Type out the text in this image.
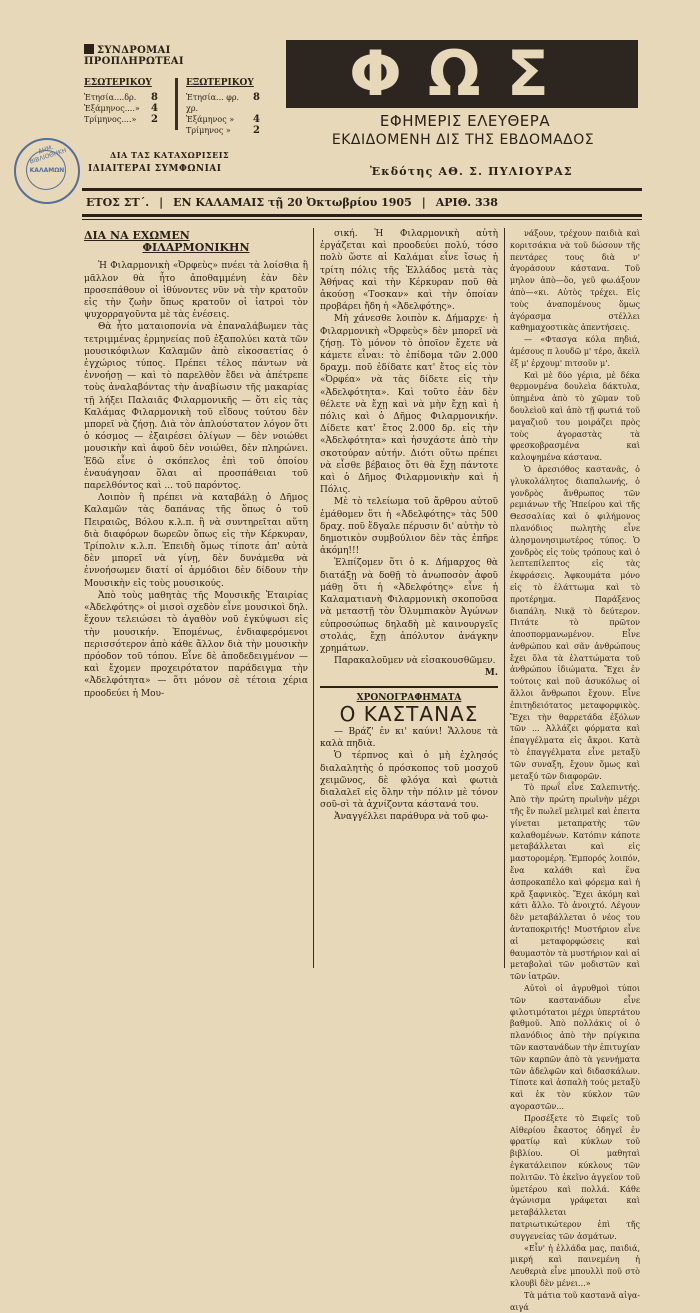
ΣΥΝΔΡΟΜΑΙ ΠΡΟΠΛΗΡΩΤΕΑΙ
ΕΣΩΤΕΡΙΚΟΥ
Ἐτησία....δρ. 8
Ἑξάμηνος....» 4
Τρίμηνος....» 2
ΕΞΩΤΕΡΙΚΟΥ
Ἐτησία... φρ. χρ.
8
Ἑξάμηνος » 4
Τρίμηνος » 2
ΔΙΑ ΤΑΣ ΚΑΤΑΧΩΡΙΣΕΙΣ
ΙΔΙΑΙΤΕΡΑΙ ΣΥΜΦΩΝΙΑΙ
ΔΗΜ. ΒΙΒΛΙΟΘΗΚΗ
ΚΑΛΑΜΩΝ
ΦΩΣ
ΕΦΗΜΕΡΙΣ ΕΛΕΥΘΕΡΑ
ΕΚΔΙΔΟΜΕΝΗ ΔΙΣ ΤΗΣ ΕΒΔΟΜΑΔΟΣ
Ἐκδότης ΑΘ. Σ. ΠΥΛΙΟΥΡΑΣ
ΕΤΟΣ ΣΤ΄. | ΕΝ ΚΑΛΑΜΑΙΣ τῇ 20 Ὀκτωβρίου 1905 | ΑΡΙΘ. 338
ΔΙΑ ΝΑ ΕΧΩΜΕΝ
ΦΙΛΑΡΜΟΝΙΚΗΝ

Ἡ Φιλαρμονικὴ «Ὀρφεὺς» πνέει τὰ λοίσθια ἢ μᾶλλον θὰ ἦτο ἀποθαμμένη ἐὰν δὲν προσεπάθουν οἱ ἰθύνοντες νῦν νὰ τὴν κρατοῦν εἰς τὴν ζωὴν ὅπως κρατοῦν οἱ ἰατροὶ τὸν ψυχορραγοῦντα μὲ τὰς ἐνέσεις.

Θὰ ἦτο ματαιοπονία νὰ ἐπαναλάβωμεν τὰς τετριμμένας ἐρμηνείας ποῦ ἐξαπολύει κατὰ τῶν μουσικόφιλων Καλαμῶν ἀπὸ εἰκοσαετίας ὁ ἐγχώριος τύπος. Πρέπει τέλος πάντων νὰ ἐννοήσῃ — καὶ τὸ παρελθὸν ἔδει νὰ ἀπέτρεπε τοὺς ἀναλαβόντας τὴν ἀναβίωσιν τῆς μακαρίας τῇ λήξει Παλαιᾶς Φιλαρμονικῆς — ὅτι εἰς τὰς Καλάμας Φιλαρμονικὴ τοῦ εἴδους τούτου δὲν μπορεῖ νὰ ζήσῃ. Διὰ τὸν ἁπλούστατον λόγον ὅτι ὁ κόσμος — ἐξαιρέσει ὀλίγων — δὲν νοιώθει μουσικὴν καὶ ἀφοῦ δὲν νοιώθει, δὲν πληρώνει. Ἐδῶ εἶνε ὁ σκόπελος ἐπὶ τοῦ ὁποίου ἐναυάγησαν ὅλαι αἱ προσπάθειαι τοῦ παρελθόντος καὶ ... τοῦ παρόντος.

Λοιπὸν ἢ πρέπει νὰ καταβάλῃ ὁ Δῆμος Καλαμῶν τὰς δαπάνας τῆς ὅπως ὁ τοῦ Πειραιῶς, Βόλου κ.λ.π. ἢ νὰ συντηρεῖται αὕτη διὰ διαφόρων δωρεῶν ὅπως εἰς τὴν Κέρκυραν, Τρίπολιν κ.λ.π. Ἐπειδὴ ὅμως τίποτε ἀπ' αὐτὰ δὲν μπορεῖ νὰ γίνῃ, δὲν δυνάμεθα νὰ ἐννοήσωμεν διατί οἱ ἁρμόδιοι δὲν δίδουν τὴν Μουσικὴν εἰς τοὺς μουσικούς.

Ἀπὸ τοὺς μαθητὰς τῆς Μουσικῆς Ἑταιρίας «Ἀδελφότης» οἱ μισοὶ σχεδὸν εἶνε μουσικοὶ δηλ. ἔχουν τελειώσει τὸ ἀγαθὸν νοῦ ἐγκύψωσι εἰς τὴν μουσικήν. Ἑπομένως, ἐνδιαφερόμενοι περισσότερον ἀπὸ κάθε ἄλλον διὰ τὴν μουσικὴν πρόοδον τοῦ τόπου. Εἶνε δὲ ἀποδεδειγμένον — καὶ ἔχομεν προχειρότατον παράδειγμα τὴν «Ἀδελφότητα» — ὅτι μόνον σὲ τέτοια χέρια προοδεύει ἡ Μου-

σική. Ἡ Φιλαρμονικὴ αὐτὴ ἐργάζεται καὶ προοδεύει πολύ, τόσο πολὺ ὥστε αἱ Καλάμαι εἶνε ἴσως ἡ τρίτη πόλις τῆς Ἑλλάδος μετὰ τὰς Ἀθήνας καὶ τὴν Κέρκυραν ποῦ θὰ ἀκούσῃ «Τοσκαν» καὶ τὴν ὁποίαν προβάρει ἤδη ἡ «Ἀδελφότης».

Μὴ χάνεσθε λοιπὸν κ. Δήμαρχε· ἡ Φιλαρμονικὴ «Ὀρφεὺς» δὲν μπορεῖ νὰ ζήσῃ. Τὸ μόνον τὸ ὁποῖον ἔχετε νὰ κάμετε εἶναι: τὸ ἐπίδομα τῶν 2.000 δραχμ. ποῦ ἐδίδατε κατ' ἔτος εἰς τὸν «Ὀρφέα» νὰ τὰς δίδετε εἰς τὴν «Ἀδελφότητα». Καὶ τοῦτο ἐὰν δὲν θέλετε νὰ ἔχῃ καὶ νὰ μὴν ἔχῃ καὶ ἡ πόλις καὶ ὁ Δῆμος Φιλαρμονικήν. Δίδετε κατ' ἔτος 2.000 δρ. εἰς τὴν «Ἀδελφότητα» καὶ ἡσυχάστε ἀπὸ τὴν σκοτούραν αὐτήν. Διότι οὕτω πρέπει νὰ εἶσθε βέβαιος ὅτι θὰ ἔχῃ πάντοτε καὶ ὁ Δῆμος Φιλαρμονικὴν καὶ ἡ Πόλις.

Μὲ τὸ τελείωμα τοῦ ἄρθρου αὐτοῦ ἐμάθομεν ὅτι ἡ «Ἀδελφότης» τὰς 500 δραχ. ποῦ ἔδγαλε πέρυσιν δι' αὐτὴν τὸ δημοτικὸν συμβούλιον δὲν τὰς ἐπῆρε ἀκόμη!!!

Ἐλπίζομεν ὅτι ὁ κ. Δήμαρχος θὰ διατάξῃ νὰ δοθῇ τὸ ἀνωποσὸν ἀφοῦ μάθῃ ὅτι ἡ «Ἀδελφότης» εἶνε ἡ Καλαματιανὴ Φιλαρμονικὴ σκοποῦσα νὰ μεταστῇ τὸν Ὀλυμπιακὸν Ἀγώνων εὐπροσώπως δηλαδὴ μὲ καινουργεῖς στολάς, ἔχῃ ἀπόλυτον ἀνάγκην χρημάτων.

Παρακαλοῦμεν νὰ εἰσακουσθῶμεν.

Μ.

ΧΡΟΝΟΓΡΑΦΗΜΑΤΑ
Ο ΚΑΣΤΑΝΑΣ

— Βράζ' ἐν κι' καύνι! Ἄλλουε τὰ καλὰ πηδιὰ.

Ὁ τέρπνος καὶ ὁ μὴ ἐχλησός διαλαλητὴς ὁ πρόσκοπος τοῦ μοσχοῦ χειμῶνος, δὲ φλόγα καὶ φωτιὰ διαλαλεῖ εἰς ὅλην τὴν πόλιν μὲ τόνον σοῦ-σὶ τὰ ἀχνίζοντα κάστανά του.

Ἀναγγέλλει παράθυρα νὰ τοῦ φω-

νάξουν, τρέχουν παιδιὰ καὶ κοριτσάκια νὰ τοῦ δώσουν τῆς πεντάρες τους διὰ ν' ἀγοράσουν κάστανα. Τοῦ μηλον ἀπὸ—ὅο, γεῦ φω.άξουν ἀπὸ—«κι. Αὐτὸς τρέχει. Εἰς τοὺς ἀναπομένους ὅμως ἀγόρασμα στέλλει καθημαχοστικὰς ἀπεντήσεις.

— «Φτασγα κόλα πηδιά, ἀμέσους π λουδῶ μ' τέρο, ἄκεὶλ ἐξ μ' ἐρχουμ' πιτσοῦν μ'.

Καὶ μὲ δύο γέρια, μὲ δέκα θερμονμένα δουλεὶα δάκτυλα, ὑπημένα ἀπὸ τὸ χῶμαν τοῦ δουλεὶοῦ καὶ ἀπὸ τῇ φωτιά τοῦ μαγαζιοῦ του μοιράζει πρὸς τοὺς ἀγοραστὰς τὰ φρεσκοβρασμένα καὶ καλοψημένα κάστανα.

Ὁ ἀρεσιόθος καστανᾶς, ὁ γλυκολάλητος διαπαλωνής, ὁ γονδρὸς ἄνθρωπος τῶν ρεμιάνων τῆς Ἠπείρου καὶ τῆς Θεσσαλίας καὶ ὁ φιλήμονος πλανόδιος πωλητὴς εἶνε ἀλησμονησιμωτέρος τύπος. Ὁ χονδρὸς εἰς τοὺς τρόπους καὶ ὁ λεπτεπίλεπτος εἰς τὰς ἐκφράσεις. Ἀφκουμάτα μόνο εἰς τὸ ἐλάττωμα καὶ τὸ προτέρημα. Παράξενος διαπάλη. Νικᾷ τὸ δεύτερον. Πιτάτε τὸ πρῶτον ἀποσπορμανωμένον. Εἶνε ἀνθρώπου καὶ σᾶν ἀνθρώπους ἔχει ὅλα τὰ ἐλαττώματα τοῦ ἀνθρώπου ἰδιώματα. Ἔχει ἐν τούτοις καὶ ποῦ ἀσυκόλως οἱ ἄλλοι ἄνθρωποι ἔχουν. Εἶνε ἐπιτηδειότατος μεταφορφικὸς. Ἔχει τὴν θαρρετάδα ἐξόλων τῶν ... Ἀλλάζει φόρματα καὶ ἐπαγγέλματα εἰς ἄκροι. Κατὰ τὸ ἐπαγγέλματα εἶνε μεταξὺ τῶν συναξη, ἔχουν ὅμως καὶ μεταξύ τῶν διαφορῶν.

Τὸ πρωΐ εἶνε Σαλεπιντής. Ἀπὸ τὴν πρώτη πρωϊνὴν μέχρι τῆς ἕν πωλεῖ μελιμεῖ καὶ ἐπειτα γίνεται μεταπρατὴς τῶν καλαθομένων. Κατόπιν κάποτε μεταβάλλεται καὶ εἰς μαστορομέρη. Ἔμπορός λοιπόν, ἕνα καλάθι καὶ ἕνα ἀσπροκαπέλο καὶ φόρεμα καὶ ἡ κρᾶ ξαφνικὸς. Ἔχει ἀκόμη καὶ κάτι ἄλλο. Τὸ ἀνοιχτό. Λέγουν δὲν μεταβάλλεται ὁ νέος του ἀνταποκριτής! Μυστήριον εἶνε αἱ μεταφορφώσεις καὶ θαυμαστὸν τὰ μυστήριον καὶ αἱ μεταβολαὶ τῶν μοδιστῶν καὶ τῶν ἱατρῶν.

Αὐτοὶ οἱ ἀγρυθμοὶ τύποι τῶν καστανάδων εἶνε φιλοτιμότατοι μέχρι ὑπερτάτου βαθμοῦ. Ἀπὸ πολλάκις οἱ ὁ πλανόδιος ἀπὸ τὴν πρίγκιπα τῶν καστανάδων τὴν ἐπιτυχίαν τῶν καρπῶν ἀπὸ τὰ γεννήματα τῶν ἀδελφῶν καὶ διδασκάλων. Τίποτε καὶ ἀσπαλὴ τούς μεταξὺ καὶ ἐκ τὸν κύκλον τῶν αγοραστῶν...

Προσέξετε τὸ Ξιφεῖς τοῦ Αἰθερίου ἔκαστος ὁδηγεῖ ἐν φρατίῳ καὶ κύκλων τοῦ βιβλίου. Οἱ μαθηταὶ ἐγκατάλειπον κύκλους τῶν πολιτῶν. Τὸ ἐκεῖνο ἀγγεῖον τοῦ ὑμετέρου καὶ πολλά. Κάθε ἀγώνισμα γράφεται καὶ μεταβάλλεται πατριωτικώτερον ἐπὶ τῆς συγγενείας τῶν ἀσμάτων.

«Εἶν' ἡ ἐλλάδα μας, παιδιά, μικρή καὶ παινεμένη ἡ Λευθεριὰ εἶνε μπουλλὶ ποῦ στὸ κλουβὶ δὲν μένει...»

Τὰ μάτια τοῦ καστανᾶ αἰγα-αιγά
